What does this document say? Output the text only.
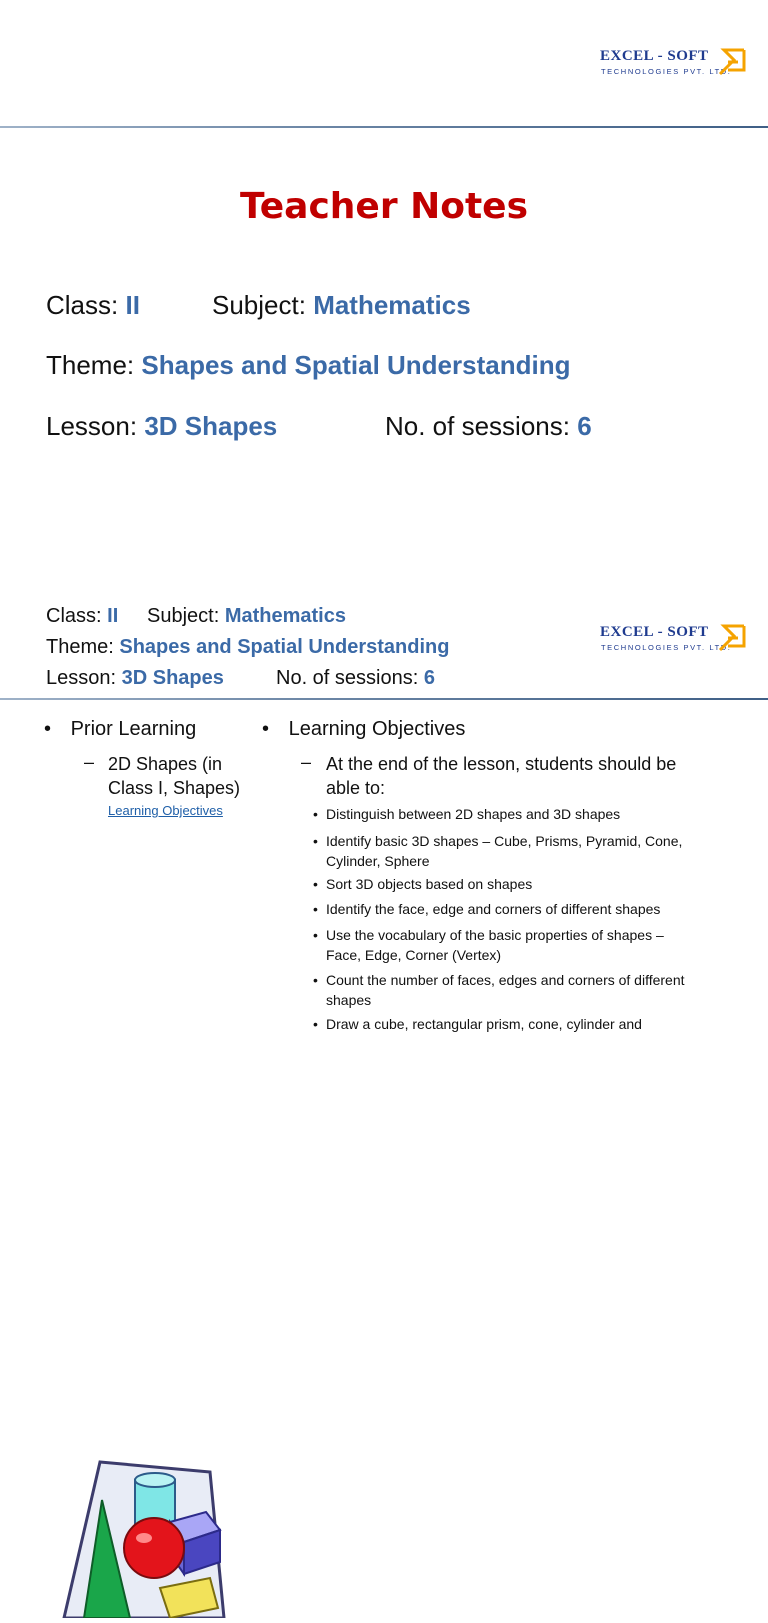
EXCEL - SOFT
TECHNOLOGIES PVT. LTD.
Teacher Notes
Class: II	Subject: Mathematics
Theme: Shapes and Spatial Understanding
Lesson: 3D Shapes	No. of sessions: 6
Class: II Subject: Mathematics
Theme: Shapes and Spatial Understanding
Lesson: 3D Shapes	No. of sessions: 6
EXCEL - SOFT
TECHNOLOGIES PVT. LTD.
• Prior Learning
– 2D Shapes (in
Class I, Shapes)
Learning Objectives
• Learning Objectives
– At the end of the lesson, students should be
able to:
• Distinguish between 2D shapes and 3D shapes
• Identify basic 3D shapes – Cube, Prisms, Pyramid, Cone,
Cylinder, Sphere
• Sort 3D objects based on shapes
• Identify the face, edge and corners of different shapes
• Use the vocabulary of the basic properties of shapes –
Face, Edge, Corner (Vertex)
• Count the number of faces, edges and corners of different
shapes
• Draw a cube, rectangular prism, cone, cylinder and
